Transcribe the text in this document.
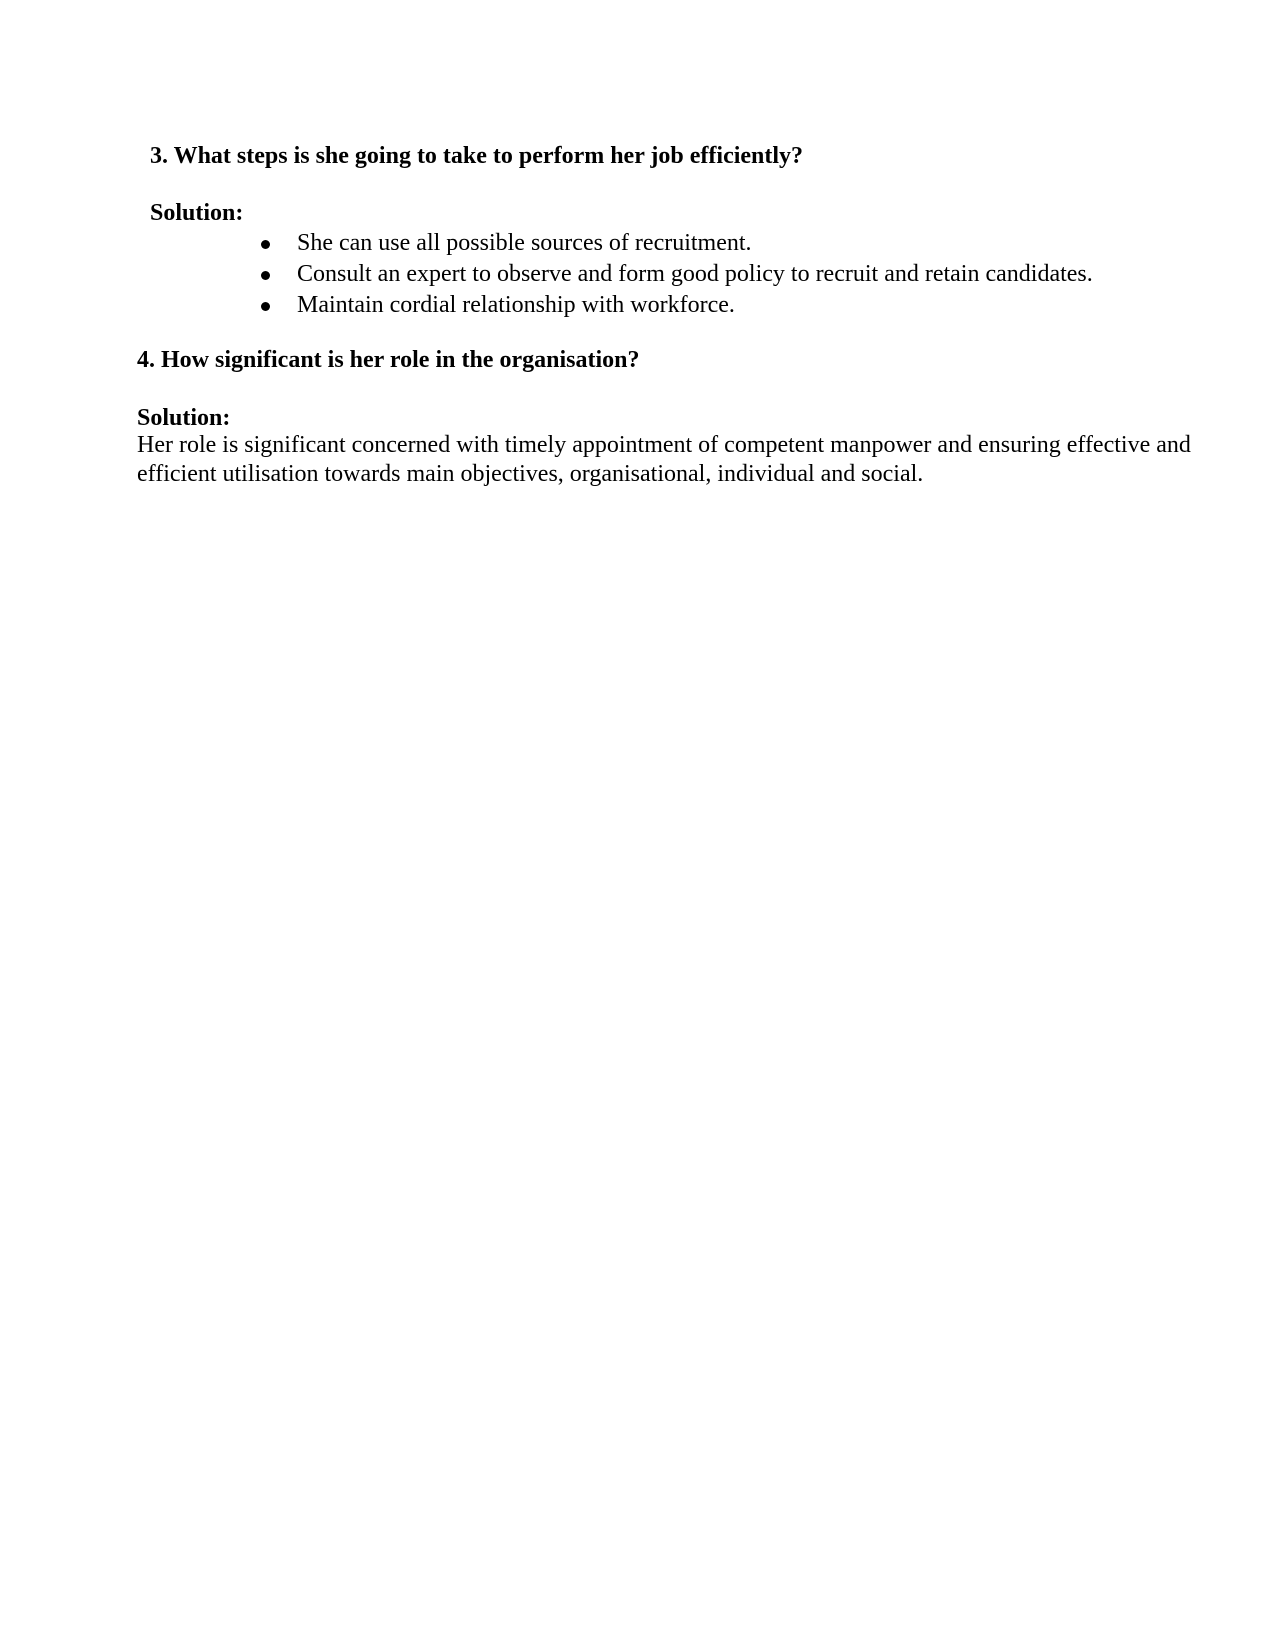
3. What steps is she going to take to perform her job efficiently?
Solution:
She can use all possible sources of recruitment.
Consult an expert to observe and form good policy to recruit and retain candidates.
Maintain cordial relationship with workforce.
4. How significant is her role in the organisation?
Solution:
Her role is significant concerned with timely appointment of competent manpower and ensuring effective and efficient utilisation towards main objectives, organisational, individual and social.
